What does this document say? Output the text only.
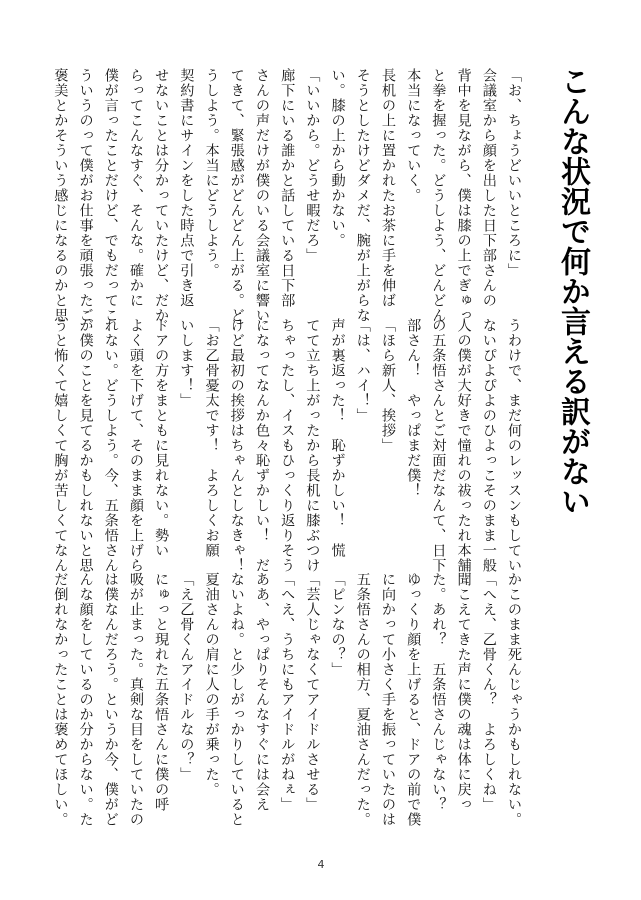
こんな状況で何か言える訳がない
「お、ちょうどいいところに」
会議室から顔を出した日下部さんの
背中を見ながら、僕は膝の上でぎゅっ
と拳を握った。どうしよう、どんどん
本当になっていく。
長机の上に置かれたお茶に手を伸ば
そうとしたけどダメだ、腕が上がらな
い。膝の上から動かない。
「いいから。どうせ暇だろ」
廊下にいる誰かと話している日下部
さんの声だけが僕のいる会議室に響い
てきて、緊張感がどんどん上がる。ど
うしよう。本当にどうしよう。
契約書にサインをした時点で引き返
せないことは分かっていたけど、だか
らってこんなすぐ、そんな。確かに
僕が言ったことだけど、でもだってこ
ういうのって僕がお仕事を頑張ったご
褒美とかそういう感じになるのかと思
うわけで、まだ何のレッスンもしてい
ないぴよぴよのひよっこそのまま一般
人の僕が大好きで憧れの祓ったれ本舗
の五条悟さんとご対面だなんて、日下
部さん！　やっぱまだ僕！
「ほら新人、挨拶」
「は、ハイ！」
声が裏返った！　恥ずかしい！　慌
てて立ち上がったから長机に膝ぶつけ
ちゃったし、イスもひっくり返りそう
になってなんか色々恥ずかしい！　だ
けど最初の挨拶はちゃんとしなきゃ！
「お乙骨憂太です！　よろしくお願
いします！」
ドアの方をまともに見れない。勢い
よく頭を下げて、そのまま顔を上げら
れない。どうしよう。今、五条悟さん
が僕のことを見てるかもしれないと思
うと怖くて嬉しくて胸が苦しくてなん
かこのまま死んじゃうかもしれない。
「へえ、乙骨くん？　よろしくね」
聞こえてきた声に僕の魂は体に戻っ
た。あれ？　五条悟さんじゃない？
ゆっくり顔を上げると、ドアの前で僕
に向かって小さく手を振っていたのは
五条悟さんの相方、夏油さんだった。
「ピンなの？」
「芸人じゃなくてアイドルさせる」
「へえ、うちにもアイドルがねぇ」
ああ、やっぱりそんなすぐには会え
ないよね。と少しがっかりしていると
夏油さんの肩に人の手が乗った。
「え乙骨くんアイドルなの？」
にゅっと現れた五条悟さんに僕の呼
吸が止まった。真剣な目をしていたの
は僕なんだろう。というか今、僕がど
んな顔をしているのか分からない。た
だ倒れなかったことは褒めてほしい。
4
